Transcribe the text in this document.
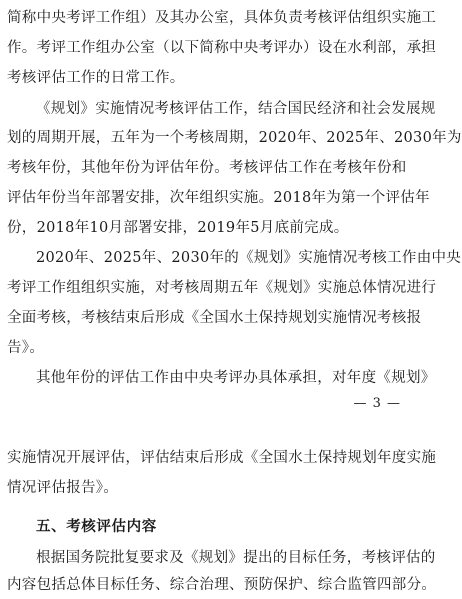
简称中央考评工作组）及其办公室，具体负责考核评估组织实施工
作。考评工作组办公室（以下简称中央考评办）设在水利部，承担
考核评估工作的日常工作。
《规划》实施情况考核评估工作，结合国民经济和社会发展规
划的周期开展，五年为一个考核周期，2020年、2025年、2030年为
考核年份，其他年份为评估年份。考核评估工作在考核年份和
评估年份当年部署安排，次年组织实施。2018年为第一个评估年
份，2018年10月部署安排，2019年5月底前完成。
2020年、2025年、2030年的《规划》实施情况考核工作由中央
考评工作组组织实施，对考核周期五年《规划》实施总体情况进行
全面考核，考核结束后形成《全国水土保持规划实施情况考核报
告》。
其他年份的评估工作由中央考评办具体承担，对年度《规划》
— 3 —
实施情况开展评估，评估结束后形成《全国水土保持规划年度实施
情况评估报告》。
五、考核评估内容
根据国务院批复要求及《规划》提出的目标任务，考核评估的
内容包括总体目标任务、综合治理、预防保护、综合监管四部分。
